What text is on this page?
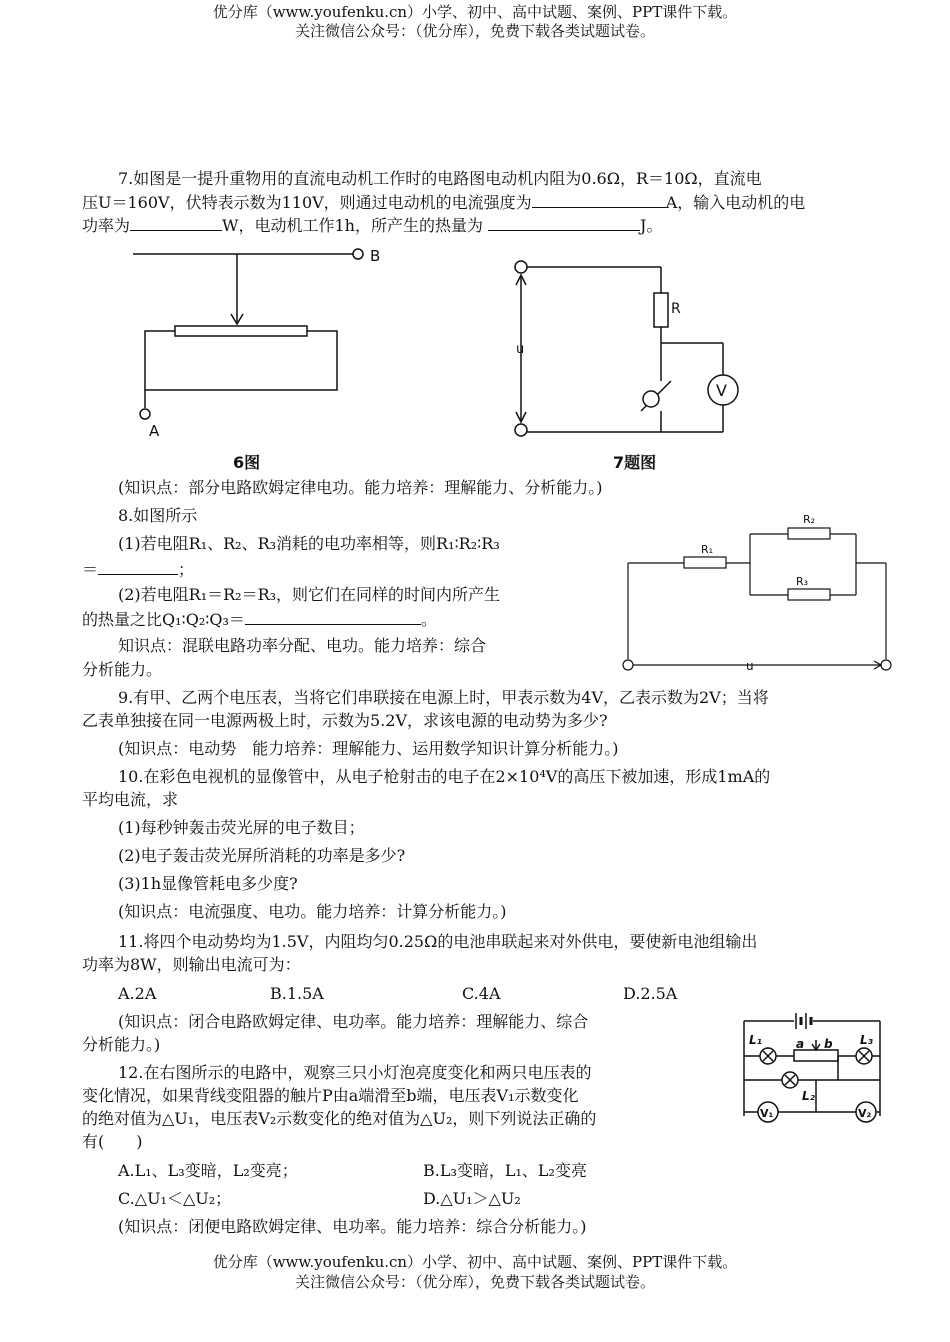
优分库（www.youfenku.cn）小学、初中、高中试题、案例、PPT课件下载。
关注微信公众号：（优分库），免费下载各类试题试卷。
7.如图是一提升重物用的直流电动机工作时的电路图电动机内阻为0.6Ω，R＝10Ω，直流电
压U＝160V，伏特表示数为110V，则通过电动机的电流强度为	A，输入电动机的电
功率为	W，电动机工作1h，所产生的热量为	J。
B
A
6图
R
u
V
7题图
(知识点：部分电路欧姆定律电功。能力培养：理解能力、分析能力。)
8.如图所示
(1)若电阻R₁、R₂、R₃消耗的电功率相等，则R₁∶R₂∶R₃
＝	；
(2)若电阻R₁＝R₂＝R₃，则它们在同样的时间内所产生
的热量之比Q₁∶Q₂∶Q₃＝	。
知识点：混联电路功率分配、电功。能力培养：综合
分析能力。
R₁
R₂
R₃
u
9.有甲、乙两个电压表，当将它们串联接在电源上时，甲表示数为4V，乙表示数为2V；当将
乙表单独接在同一电源两极上时，示数为5.2V，求该电源的电动势为多少?
(知识点：电动势　能力培养：理解能力、运用数学知识计算分析能力。)
10.在彩色电视机的显像管中，从电子枪射击的电子在2×10⁴V的高压下被加速，形成1mA的
平均电流，求
(1)每秒钟轰击荧光屏的电子数目；
(2)电子轰击荧光屏所消耗的功率是多少?
(3)1h显像管耗电多少度?
(知识点：电流强度、电功。能力培养：计算分析能力。)
11.将四个电动势均为1.5V，内阻均匀0.25Ω的电池串联起来对外供电，要使新电池组输出
功率为8W，则输出电流可为：
A.2A	B.1.5A	C.4A	D.2.5A
(知识点：闭合电路欧姆定律、电功率。能力培养：理解能力、综合
分析能力。)	L₁	L₃
L₂
a b
V₁	V₂
12.在右图所示的电路中，观察三只小灯泡亮度变化和两只电压表的
变化情况，如果背线变阻器的触片P由a端滑至b端，电压表V₁示数变化
的绝对值为△U₁，电压表V₂示数变化的绝对值为△U₂，则下列说法正确的
有(　　)
A.L₁、L₃变暗，L₂变亮；	B.L₃变暗，L₁、L₂变亮
C.△U₁＜△U₂；	D.△U₁＞△U₂
(知识点：闭便电路欧姆定律、电功率。能力培养：综合分析能力。)
优分库（www.youfenku.cn）小学、初中、高中试题、案例、PPT课件下载。
关注微信公众号：（优分库），免费下载各类试题试卷。
